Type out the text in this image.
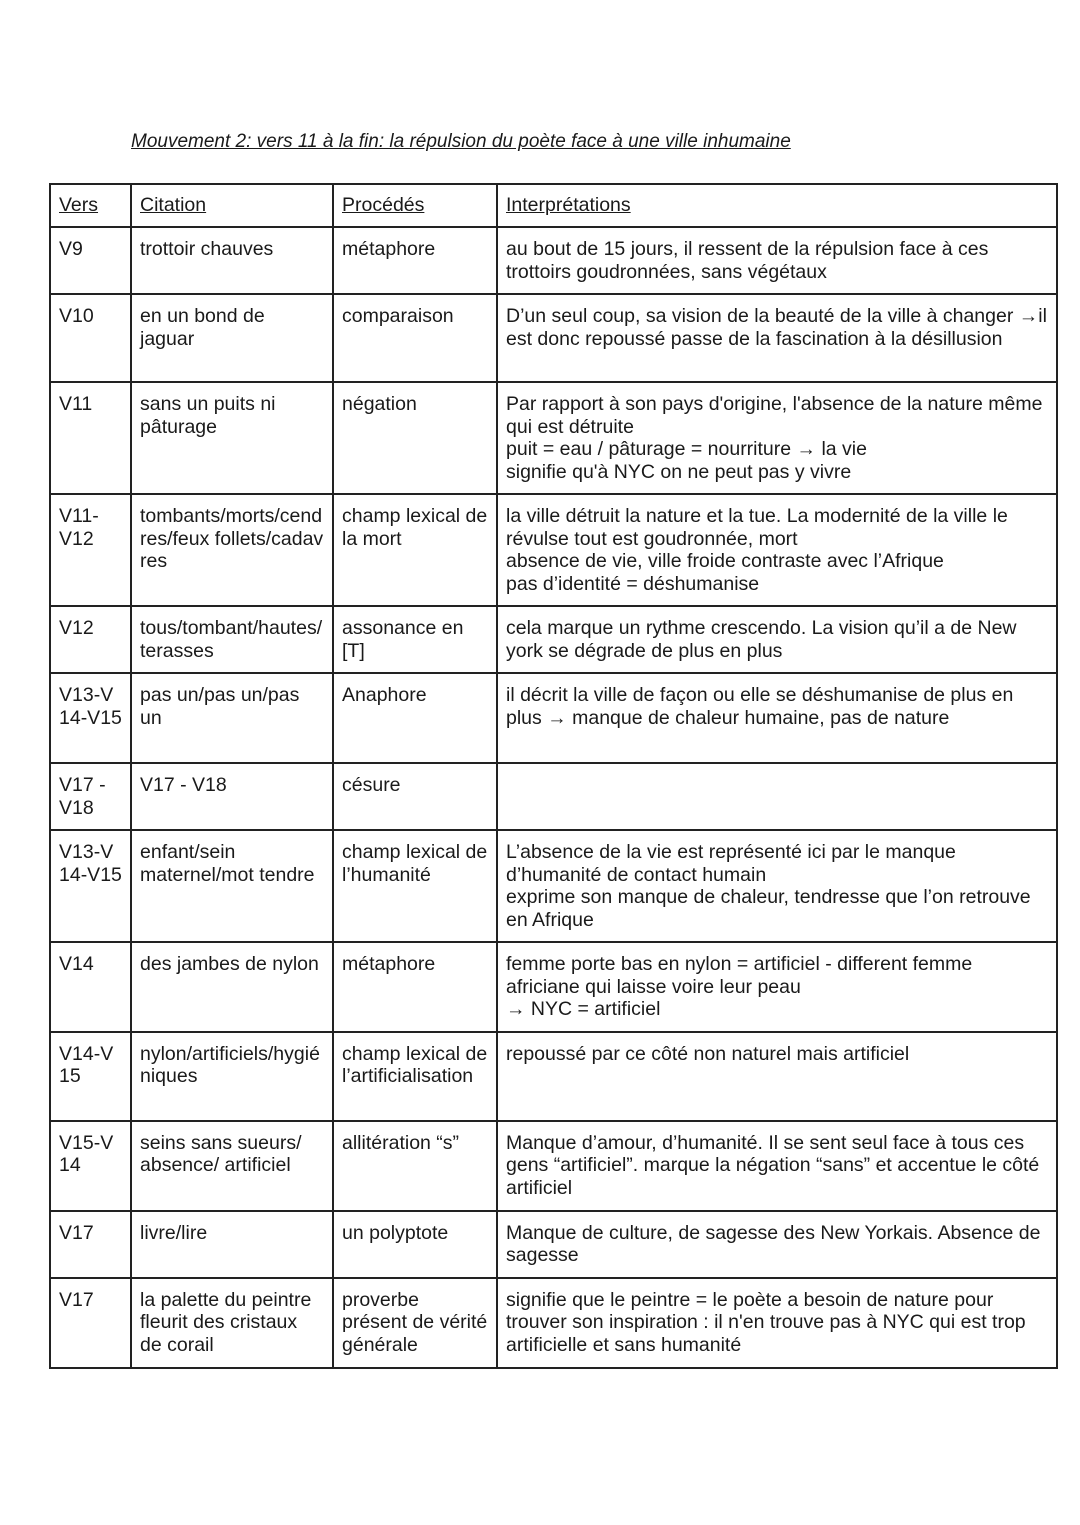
Mouvement 2: vers 11 à la fin: la répulsion du poète face à une ville inhumaine
Vers	Citation	Procédés	Interprétations
V9	trottoir chauves	métaphore	au bout de 15 jours, il ressent de la répulsion face à ces trottoirs goudronnées, sans végétaux

V10	en un bond de jaguar	comparaison	D’un seul coup, sa vision de la beauté de la ville à changer →il est donc repoussé passe de la fascination à la désillusion

V11	sans un puits ni pâturage	négation	Par rapport à son pays d'origine, l'absence de la nature même qui est détruite
puit = eau / pâturage = nourriture → la vie
signifie qu'à NYC on ne peut pas y vivre

V11-V12	tombants/morts/cendres/feux follets/cadavres	champ lexical de la mort	la ville détruit la nature et la tue. La modernité de la ville le révulse tout est goudronnée, mort
absence de vie, ville froide contraste avec l’Afrique
pas d’identité = déshumanise

V12	tous/tombant/hautes/terasses	assonance en [T]	cela marque un rythme crescendo. La vision qu’il a de New york se dégrade de plus en plus

V13-V14-V15	pas un/pas un/pas un	Anaphore	il décrit la ville de façon ou elle se déshumanise de plus en plus → manque de chaleur humaine, pas de nature

V17 - V18	V17 - V18	césure	
V13-V14-V15	enfant/sein maternel/mot tendre	champ lexical de l’humanité	L’absence de la vie est représenté ici par le manque d’humanité de contact humain
exprime son manque de chaleur, tendresse que l’on retrouve en Afrique

V14	des jambes de nylon	métaphore	femme porte bas en nylon = artificiel - different femme africiane qui laisse voire leur peau
→ NYC = artificiel

V14-V15	nylon/artificiels/hygiéniques	champ lexical de l’artificialisation	repoussé par ce côté non naturel mais artificiel

V15-V14	seins sans sueurs/ absence/ artificiel	allitération “s”	Manque d’amour, d’humanité. Il se sent seul face à tous ces gens “artificiel”. marque la négation “sans” et accentue le côté artificiel

V17	livre/lire	un polyptote	Manque de culture, de sagesse des New Yorkais. Absence de sagesse

V17	la palette du peintre fleurit des cristaux de corail	proverbe présent de vérité générale	signifie que le peintre = le poète a besoin de nature pour trouver son inspiration : il n'en trouve pas à NYC qui est trop artificielle et sans humanité
